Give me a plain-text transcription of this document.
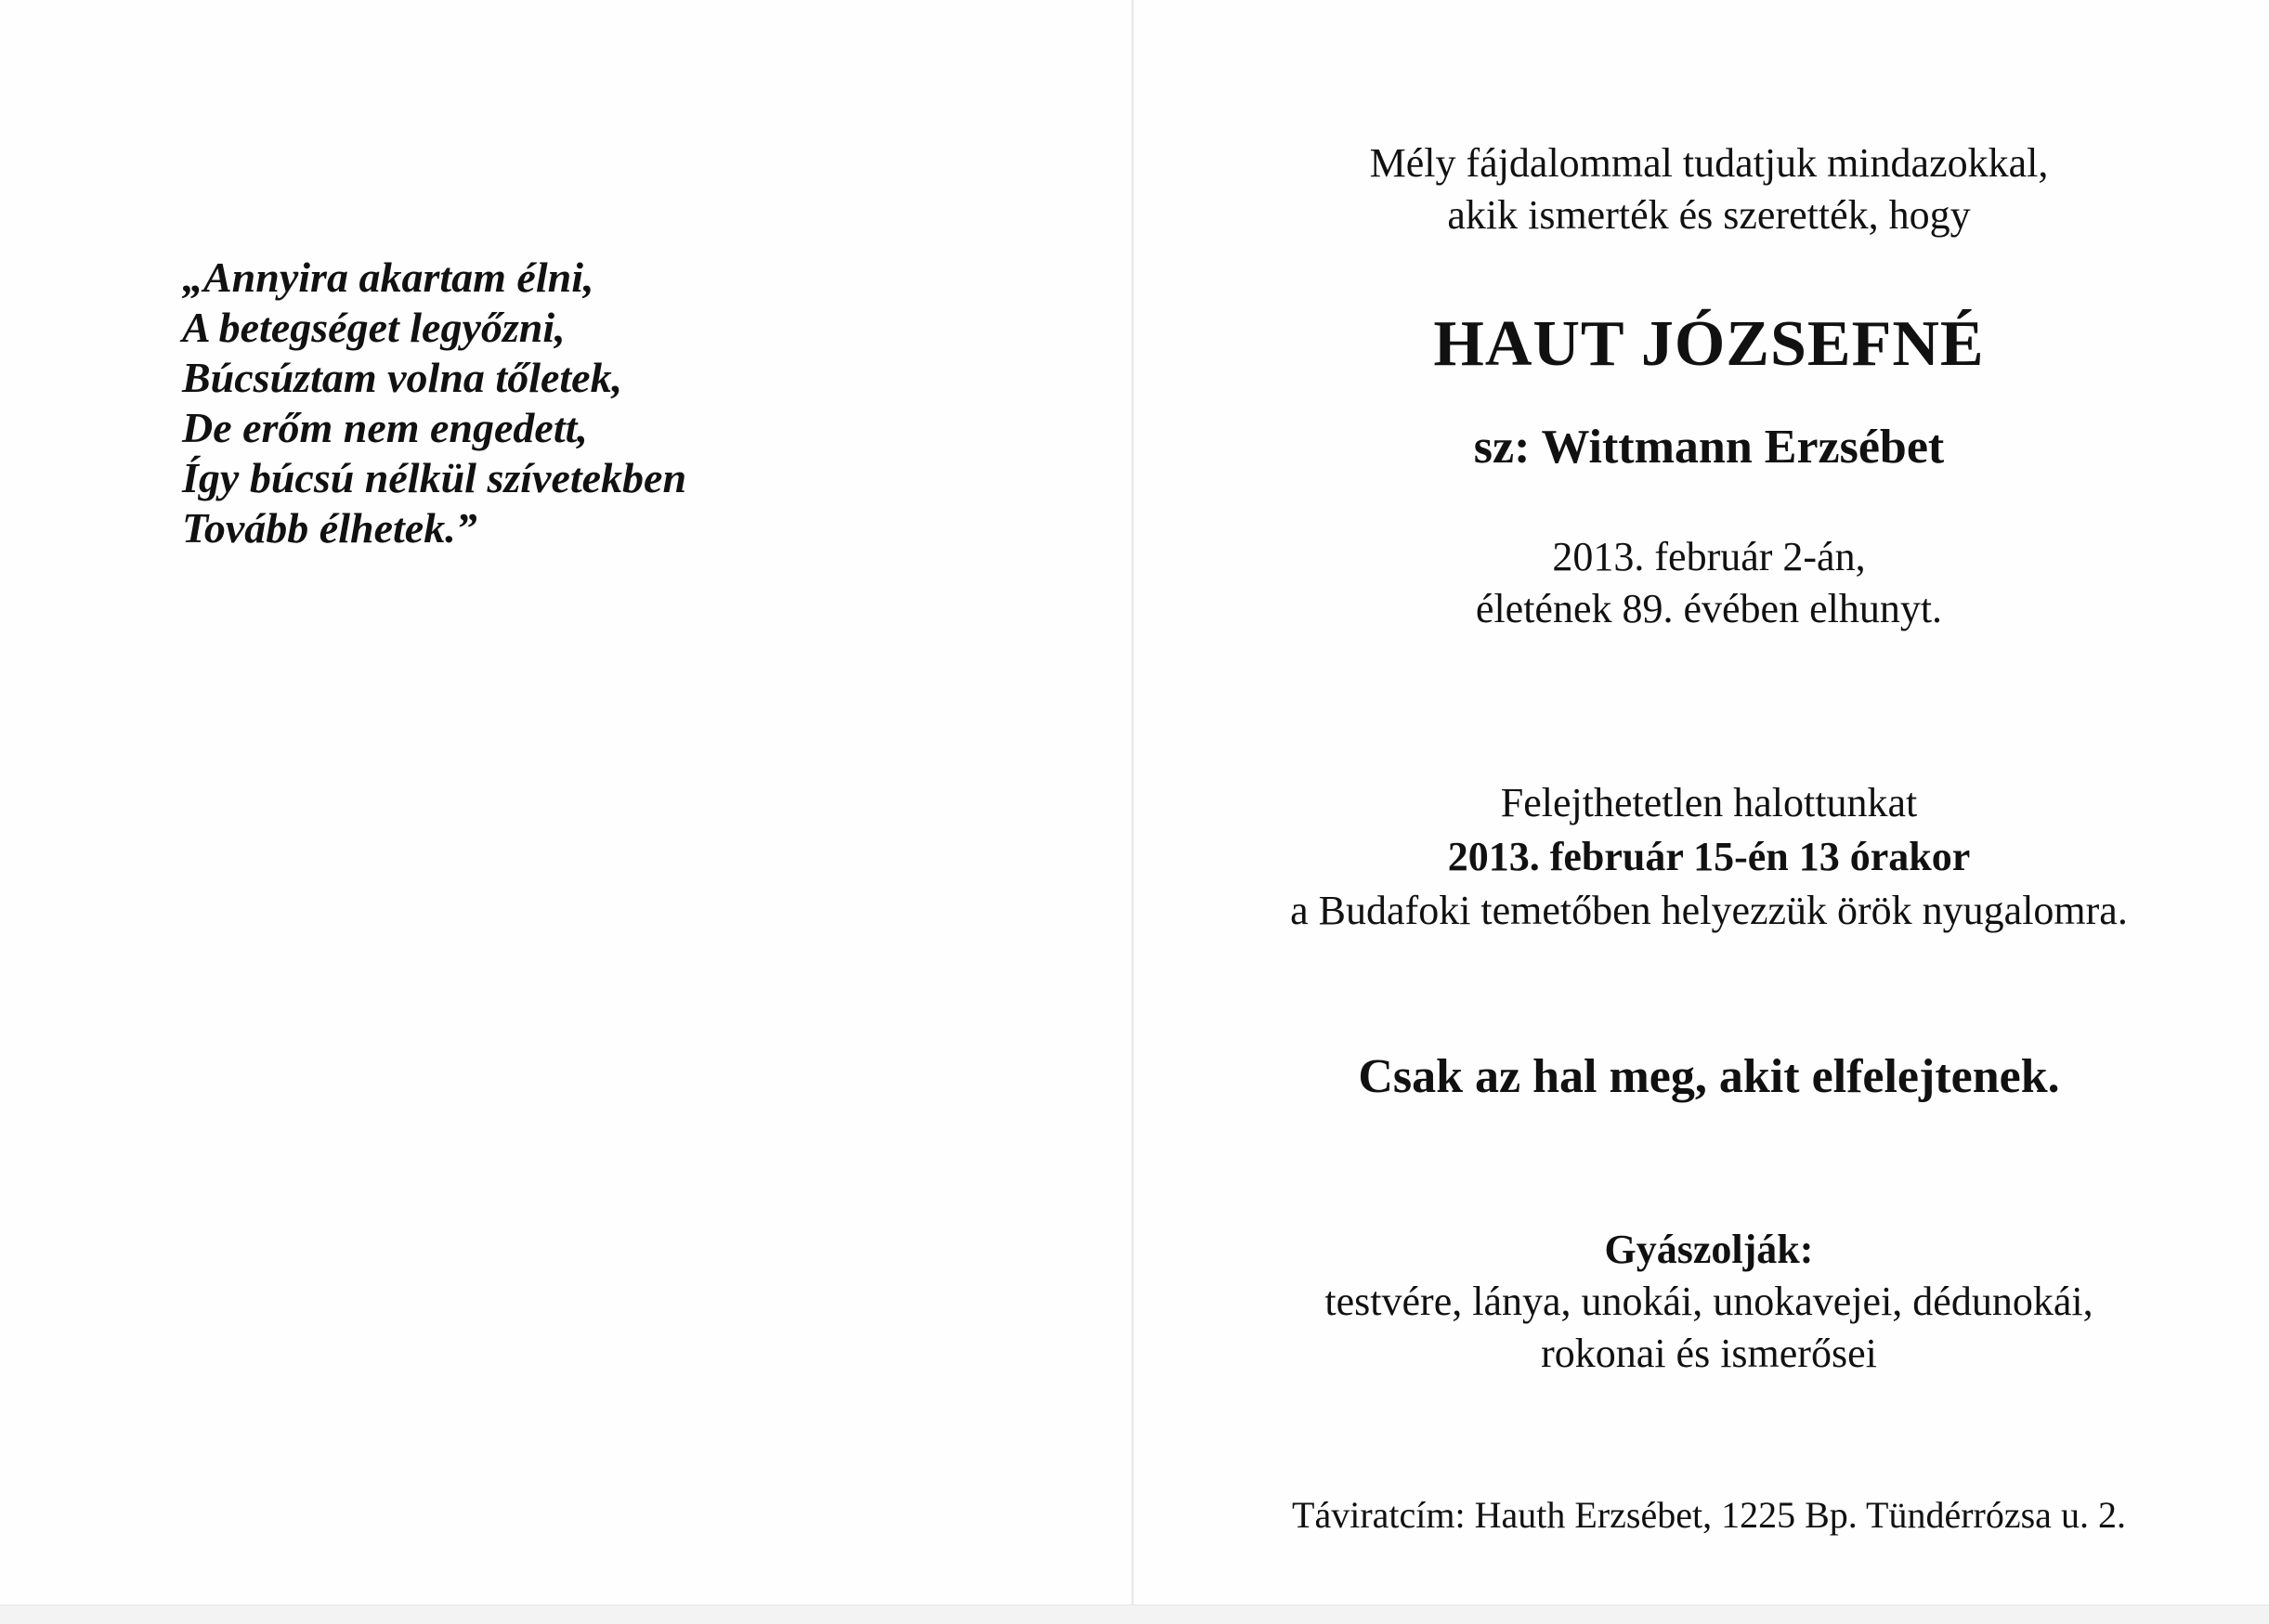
„Annyira akartam élni,
A betegséget legyőzni,
Búcsúztam volna tőletek,
De erőm nem engedett,
Így búcsú nélkül szívetekben
Tovább élhetek.”
Mély fájdalommal tudatjuk mindazokkal,
akik ismerték és szerették, hogy
HAUT JÓZSEFNÉ
sz: Wittmann Erzsébet
2013. február 2-án,
életének 89. évében elhunyt.
Felejthetetlen halottunkat
2013. február 15-én 13 órakor
a Budafoki temetőben helyezzük örök nyugalomra.
Csak az hal meg, akit elfelejtenek.
Gyászolják:
testvére, lánya, unokái, unokavejei, dédunokái,
rokonai és ismerősei
Táviratcím: Hauth Erzsébet, 1225 Bp. Tündérrózsa u. 2.
